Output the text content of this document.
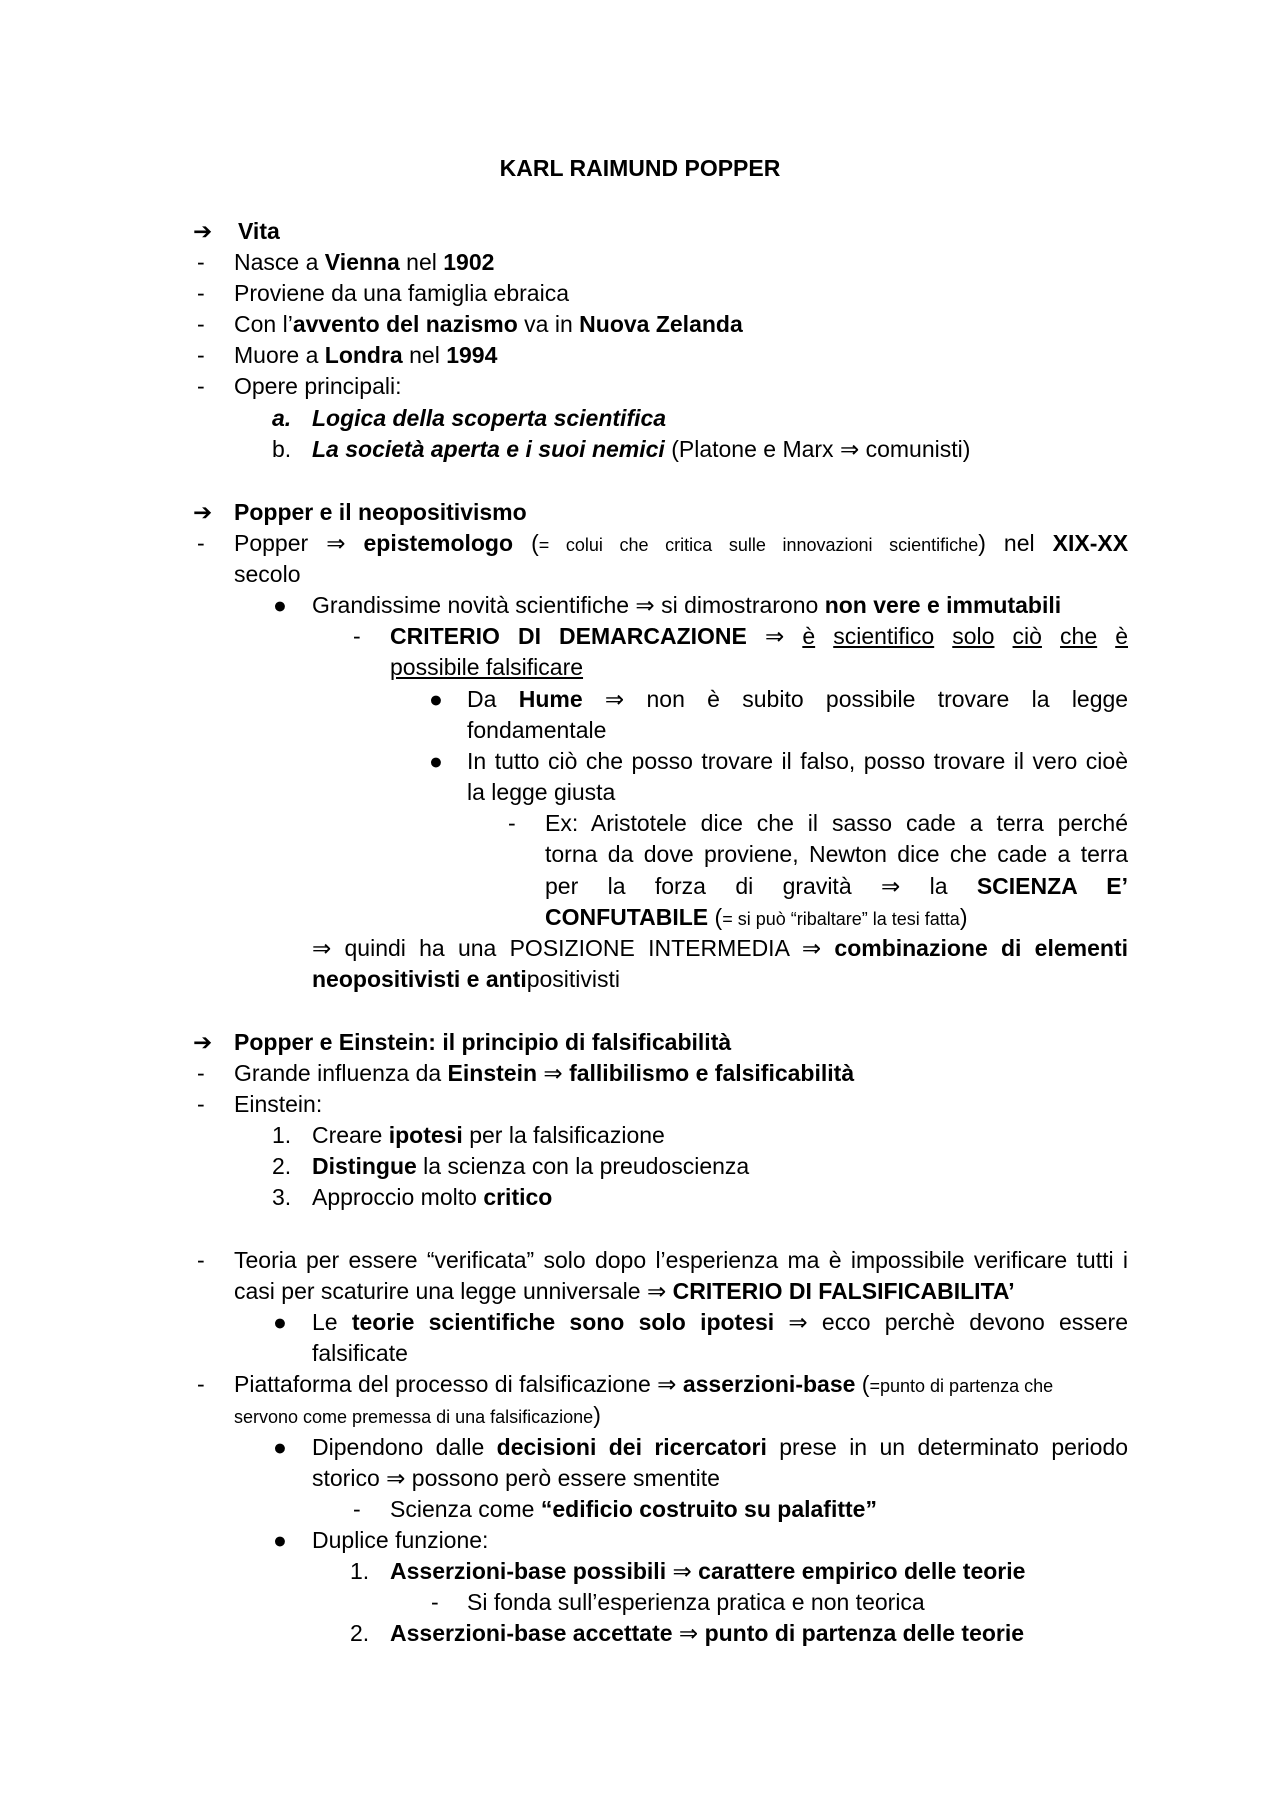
KARL RAIMUND POPPER
➔ Vita
- Nasce a Vienna nel 1902
- Proviene da una famiglia ebraica
- Con l’avvento del nazismo va in Nuova Zelanda
- Muore a Londra nel 1994
- Opere principali:
a. Logica della scoperta scientifica
b. La società aperta e i suoi nemici (Platone e Marx ⇒ comunisti)
➔ Popper e il neopositivismo
- Popper ⇒ epistemologo (= colui che critica sulle innovazioni scientifiche) nel XIX-XX
secolo
● Grandissime novità scientifiche ⇒ si dimostrarono non vere e immutabili
- CRITERIO DI DEMARCAZIONE ⇒ è scientifico solo ciò che è
possibile falsificare
● Da Hume ⇒ non è subito possibile trovare la legge
fondamentale
● In tutto ciò che posso trovare il falso, posso trovare il vero cioè
la legge giusta
- Ex: Aristotele dice che il sasso cade a terra perché
torna da dove proviene, Newton dice che cade a terra
per la forza di gravità ⇒ la SCIENZA E’
CONFUTABILE (= si può “ribaltare” la tesi fatta)
⇒ quindi ha una POSIZIONE INTERMEDIA ⇒ combinazione di elementi
neopositivisti e antipositivisti
➔ Popper e Einstein: il principio di falsificabilità
- Grande influenza da Einstein ⇒ fallibilismo e falsificabilità
- Einstein:
1. Creare ipotesi per la falsificazione
2. Distingue la scienza con la preudoscienza
3. Approccio molto critico
- Teoria per essere “verificata” solo dopo l’esperienza ma è impossibile verificare tutti i
casi per scaturire una legge unniversale ⇒ CRITERIO DI FALSIFICABILITA’
● Le teorie scientifiche sono solo ipotesi ⇒ ecco perchè devono essere
falsificate
- Piattaforma del processo di falsificazione ⇒ asserzioni-base (=punto di partenza che
servono come premessa di una falsificazione)
● Dipendono dalle decisioni dei ricercatori prese in un determinato periodo
storico ⇒ possono però essere smentite
- Scienza come “edificio costruito su palafitte”
● Duplice funzione:
1. Asserzioni-base possibili ⇒ carattere empirico delle teorie
- Si fonda sull’esperienza pratica e non teorica
2. Asserzioni-base accettate ⇒ punto di partenza delle teorie
